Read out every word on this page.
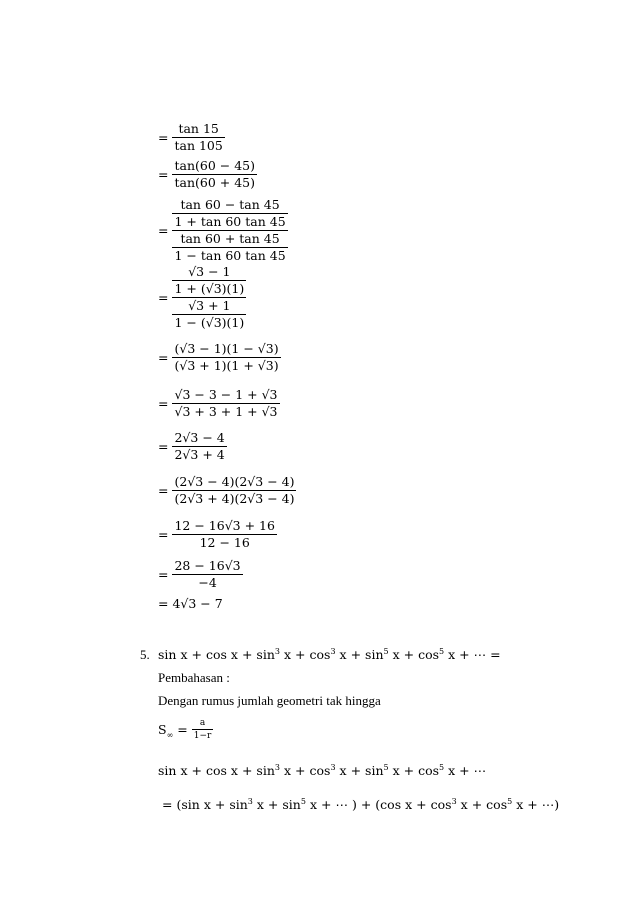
= $\frac{\tan 15}{\tan 105}$
= $\frac{\tan(60 - 45)}{\tan(60 + 45)}$
= $\frac{\frac{\tan 60 - \tan 45}{1 + \tan 60 \tan 45}}{\frac{\tan 60 + \tan 45}{1 - \tan 60 \tan 45}}$
= $\frac{\frac{√3 - 1}{1 + (√3)(1)}}{\frac{√3 + 1}{1 - (√3)(1)}}$
= $\frac{(√3 - 1)(1 - √3)}{(√3 + 1)(1 + √3)}$
= $\frac{√3 - 3 - 1 + √3}{√3 + 3 + 1 + √3}$
= $\frac{2√3 - 4}{2√3 + 4}$
= $\frac{(2√3 - 4)(2√3 - 4)}{(2√3 + 4)(2√3 - 4)}$
= $\frac{12 - 16√3 + 16}{12 - 16}$
= $\frac{28 - 16√3}{-4}$
= 4√3 − 7
5. $\sin x + \cos x + \sin^3 x + \cos^3 x + \sin^5 x + \cos^5 x$ + ⋯ =
Pembahasan :
Dengan rumus jumlah geometri tak hingga
$S_\infty = \frac{a}{1-r}$
$\sin x + \cos x + \sin^3 x + \cos^3 x + \sin^5 x + \cos^5 x$ + ⋯
= (sin $x + \sin^3 x + \sin^5 x$ + ⋯ ) + (cos $x + \cos^3 x + \cos^5 x$ + ⋯)
